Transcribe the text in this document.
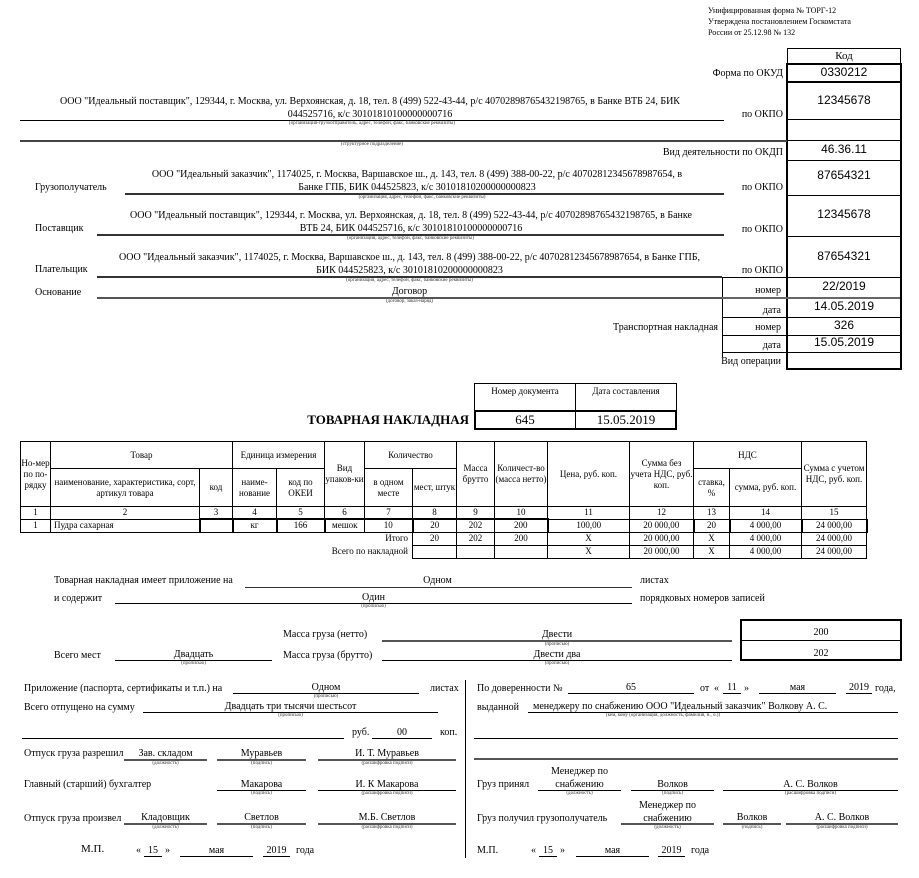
Унифицированная форма № ТОРГ-12
Утверждена постановлением Госкомстата
России от 25.12.98 № 132
Код
Форма по ОКУД	0330212
12345678
по ОКПО
Вид деятельности по ОКДП	46.36.11
87654321
по ОКПО
12345678
по ОКПО
87654321
по ОКПО
номер	22/2019
дата	14.05.2019
Транспортная накладная	номер	326
дата	15.05.2019
Вид операции
ООО "Идеальный поставщик", 129344, г. Москва, ул. Верхоянская, д. 18, тел. 8 (499) 522-43-44, р/с 40702898765432198765, в Банке ВТБ 24, БИК
044525716, к/с 30101810100000000716
(организация-грузоотправитель, адрес, телефон, факс, банковские реквизиты)
(структурное подразделение)
Грузополучатель
ООО "Идеальный заказчик", 1174025, г. Москва, Варшавское ш., д. 143, тел. 8 (499) 388-00-22, р/с 40702812345678987654, в
Банке ГПБ, БИК 044525823, к/с 30101810200000000823
(организация, адрес, телефон, факс, банковские реквизиты)
Поставщик
ООО "Идеальный поставщик", 129344, г. Москва, ул. Верхоянская, д. 18, тел. 8 (499) 522-43-44, р/с 40702898765432198765, в Банке
ВТБ 24, БИК 044525716, к/с 30101810100000000716
(организация, адрес, телефон, факс, банковские реквизиты)
Плательщик
ООО "Идеальный заказчик", 1174025, г. Москва, Варшавское ш., д. 143, тел. 8 (499) 388-00-22, р/с 40702812345678987654, в Банке ГПБ,
БИК 044525823, к/с 30101810200000000823
(организация, адрес, телефон, факс, банковские реквизиты)
Основание	Договор
(договор, заказ-наряд)
Номер документа	Дата составления
645	15.05.2019
ТОВАРНАЯ НАКЛАДНАЯ
Но-мер по по-рядку	Товар		Единица измерения		Вид упаков-ки	Количество		Масса брутто	Количест-во (масса нетто)	Цена, руб. коп.	Сумма без учета НДС, руб. коп.	НДС		Сумма с учетом НДС, руб. коп.
	наименование, характеристика, сорт, артикул товара	код	наиме-нование	код по ОКЕИ		в одном месте	мест, штук					ставка, %	сумма, руб. коп.	
1	2	3	4	5	6	7	8	9	10	11	12	13	14	15
1	Пудра сахарная		кг	166	мешок	10	20	202	200	100,00	20 000,00	20	4 000,00	24 000,00
Итого							20	202	200	X	20 000,00	X	4 000,00	24 000,00
Всего по накладной										X	20 000,00	X	4 000,00	24 000,00
Товарная накладная имеет приложение на	Одном	листах
и содержит	Один
(прописью)
порядковых номеров записей
Масса груза (нетто)	Двести
(прописью)
Масса груза (брутто)	Двести два
(прописью)
200
202
Всего мест	Двадцать
(прописью)
Приложение (паспорта, сертификаты и т.п.) на	Одном
(прописью)
листах
Всего отпущено на сумму	Двадцать три тысячи шестьсот
(прописью)
руб.	00	коп.
Отпуск груза разрешил	Зав. складом
(должность)
Муравьев
(подпись)
И. Т. Муравьев
(расшифровка подписи)
Главный (старший) бухгалтер	Макарова
(подпись)
И. К Макарова
(расшифровка подписи)
Отпуск груза произвел	Кладовщик
(должность)
Светлов
(подпись)
М.Б. Светлов
(расшифровка подписи)
М.П.	« 15 »	мая	2019 года
По доверенности №	65	от « 11 »	мая	2019 года,
выданной менеджеру по снабжению ООО "Идеальный заказчик" Волкову А. С.
(кем, кому (организация, должность, фамилия, и., о.))
Груз принял
Менеджер по снабжению
(должность)
Волков
(подпись)
А. С. Волков
(расшифровка подписи)
Груз получил грузополучатель
Менеджер по снабжению
(должность)
Волков
(подпись)
А. С. Волков
(расшифровка подписи)
М.П.	« 15 »	мая	2019 года
